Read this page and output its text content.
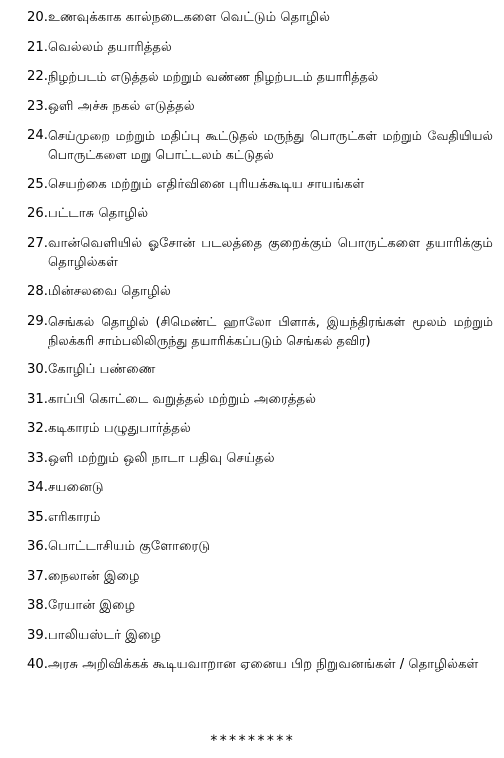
20. உணவுக்காக கால்நடைகளை வெட்டும் தொழில்
21. வெல்லம் தயாரித்தல்
22. நிழற்படம் எடுத்தல் மற்றும் வண்ண நிழற்படம் தயாரித்தல்
23. ஒளி அச்சு நகல் எடுத்தல்
24. செய்முறை மற்றும் மதிப்பு கூட்டுதல் மருந்து பொருட்கள் மற்றும் வேதியியல் பொருட்களை மறு பொட்டலம் கட்டுதல்
25. செயற்கை மற்றும் எதிர்வினை புரியக்கூடிய சாயங்கள்
26. பட்டாசு தொழில்
27. வான்வெளியில் ஓசோன் படலத்தை குறைக்கும் பொருட்களை தயாரிக்கும் தொழில்கள்
28. மின்சலவை தொழில்
29. செங்கல் தொழில் (சிமெண்ட் ஹாலோ பிளாக், இயந்திரங்கள் மூலம் மற்றும் நிலக்கரி சாம்பலிலிருந்து தயாரிக்கப்படும் செங்கல் தவிர)
30. கோழிப் பண்ணை
31. காப்பி கொட்டை வறுத்தல் மற்றும் அரைத்தல்
32. கடிகாரம் பழுதுபார்த்தல்
33. ஒளி மற்றும் ஒலி நாடா பதிவு செய்தல்
34. சயனைடு
35. எரிகாரம்
36. பொட்டாசியம் குளோரைடு
37. நைலான் இழை
38. ரேயான் இழை
39. பாலியஸ்டர் இழை
40. அரசு அறிவிக்கக் கூடியவாறான ஏனைய பிற நிறுவனங்கள் / தொழில்கள்
*********
